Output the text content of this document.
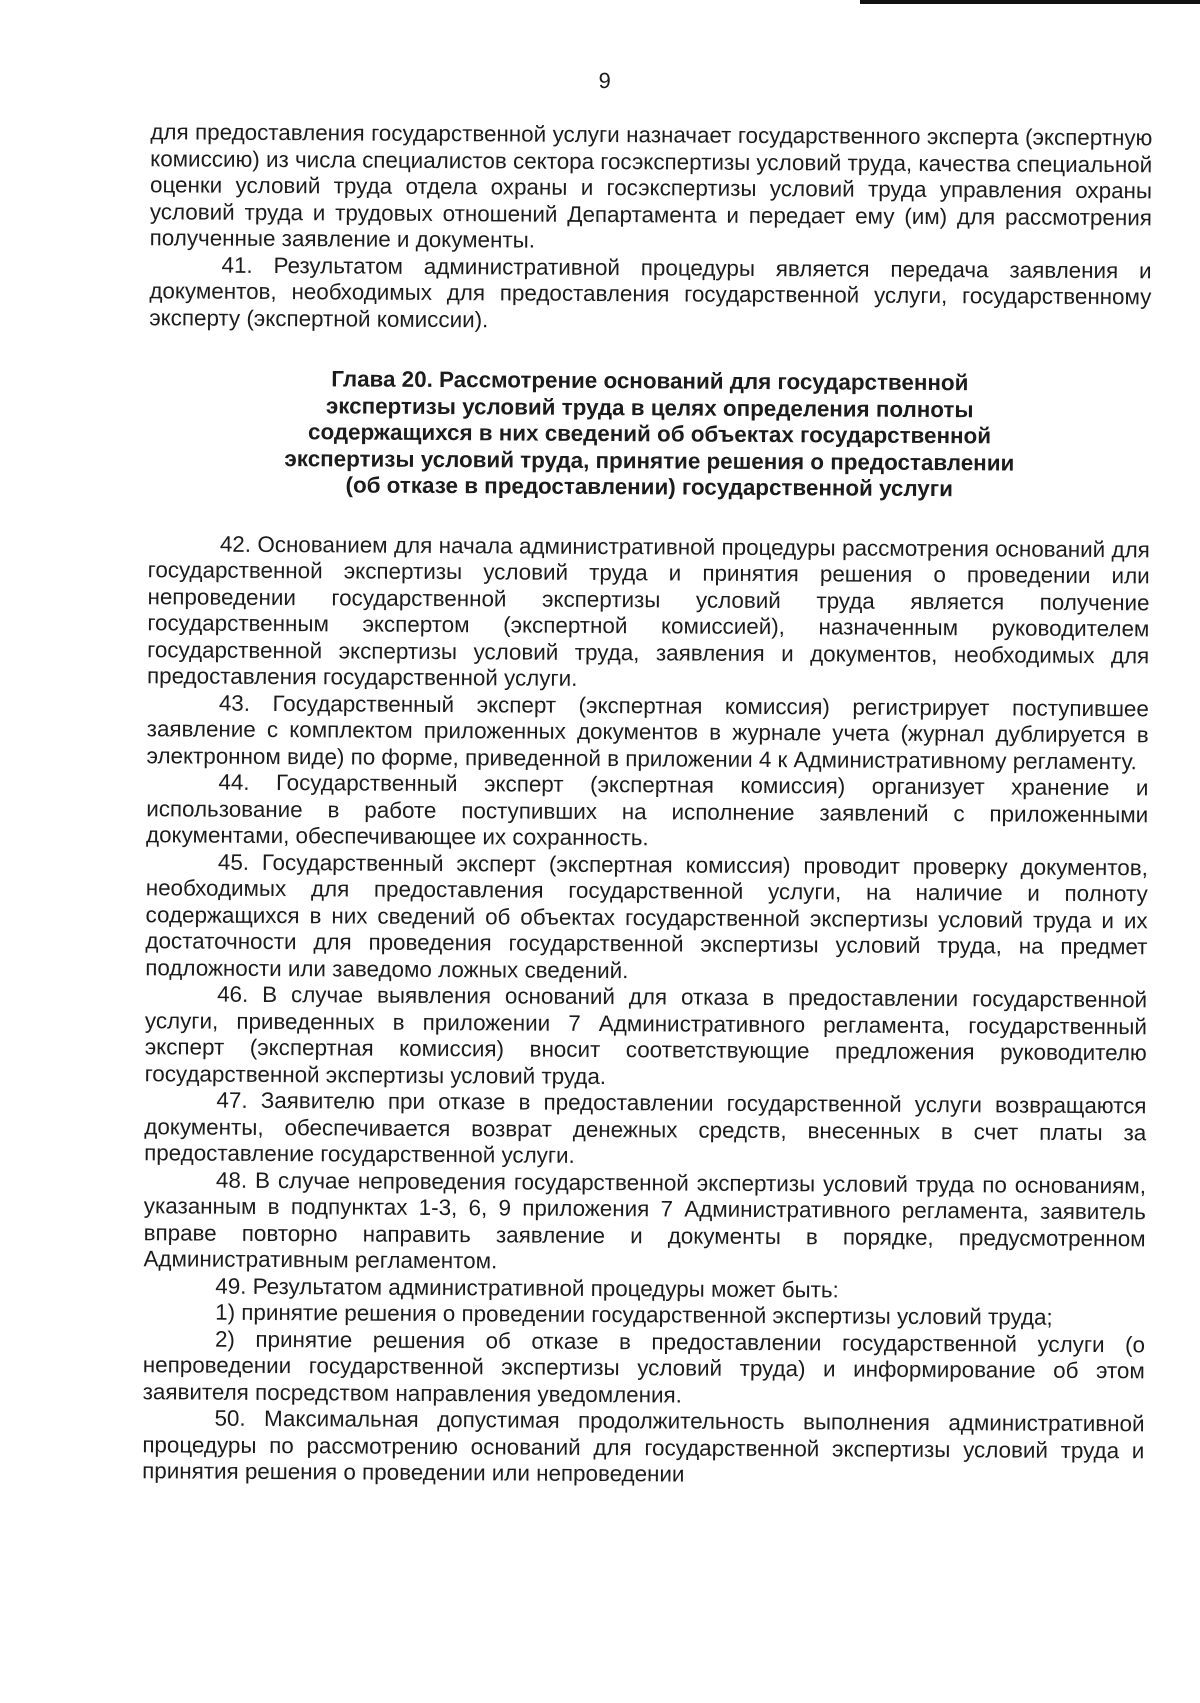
9

для предоставления государственной услуги назначает государственного эксперта (экспертную комиссию) из числа специалистов сектора госэкспертизы условий труда, качества специальной оценки условий труда отдела охраны и госэкспертизы условий труда управления охраны условий труда и трудовых отношений Департамента и передает ему (им) для рассмотрения полученные заявление и документы.

41. Результатом административной процедуры является передача заявления и документов, необходимых для предоставления государственной услуги, государственному эксперту (экспертной комиссии).

Глава 20. Рассмотрение оснований для государственной
экспертизы условий труда в целях определения полноты
содержащихся в них сведений об объектах государственной
экспертизы условий труда, принятие решения о предоставлении
(об отказе в предоставлении) государственной услуги

42. Основанием для начала административной процедуры рассмотрения оснований для государственной экспертизы условий труда и принятия решения о проведении или непроведении государственной экспертизы условий труда является получение государственным экспертом (экспертной комиссией), назначенным руководителем государственной экспертизы условий труда, заявления и документов, необходимых для предоставления государственной услуги.

43. Государственный эксперт (экспертная комиссия) регистрирует поступившее заявление с комплектом приложенных документов в журнале учета (журнал дублируется в электронном виде) по форме, приведенной в приложении 4 к Административному регламенту.

44. Государственный эксперт (экспертная комиссия) организует хранение и использование в работе поступивших на исполнение заявлений с приложенными документами, обеспечивающее их сохранность.

45. Государственный эксперт (экспертная комиссия) проводит проверку документов, необходимых для предоставления государственной услуги, на наличие и полноту содержащихся в них сведений об объектах государственной экспертизы условий труда и их достаточности для проведения государственной экспертизы условий труда, на предмет подложности или заведомо ложных сведений.

46. В случае выявления оснований для отказа в предоставлении государственной услуги, приведенных в приложении 7 Административного регламента, государственный эксперт (экспертная комиссия) вносит соответствующие предложения руководителю государственной экспертизы условий труда.

47. Заявителю при отказе в предоставлении государственной услуги возвращаются документы, обеспечивается возврат денежных средств, внесенных в счет платы за предоставление государственной услуги.

48. В случае непроведения государственной экспертизы условий труда по основаниям, указанным в подпунктах 1-3, 6, 9 приложения 7 Административного регламента, заявитель вправе повторно направить заявление и документы в порядке, предусмотренном Административным регламентом.

49. Результатом административной процедуры может быть:

1) принятие решения о проведении государственной экспертизы условий труда;

2) принятие решения об отказе в предоставлении государственной услуги (о непроведении государственной экспертизы условий труда) и информирование об этом заявителя посредством направления уведомления.

50. Максимальная допустимая продолжительность выполнения административной процедуры по рассмотрению оснований для государственной экспертизы условий труда и принятия решения о проведении или непроведении
